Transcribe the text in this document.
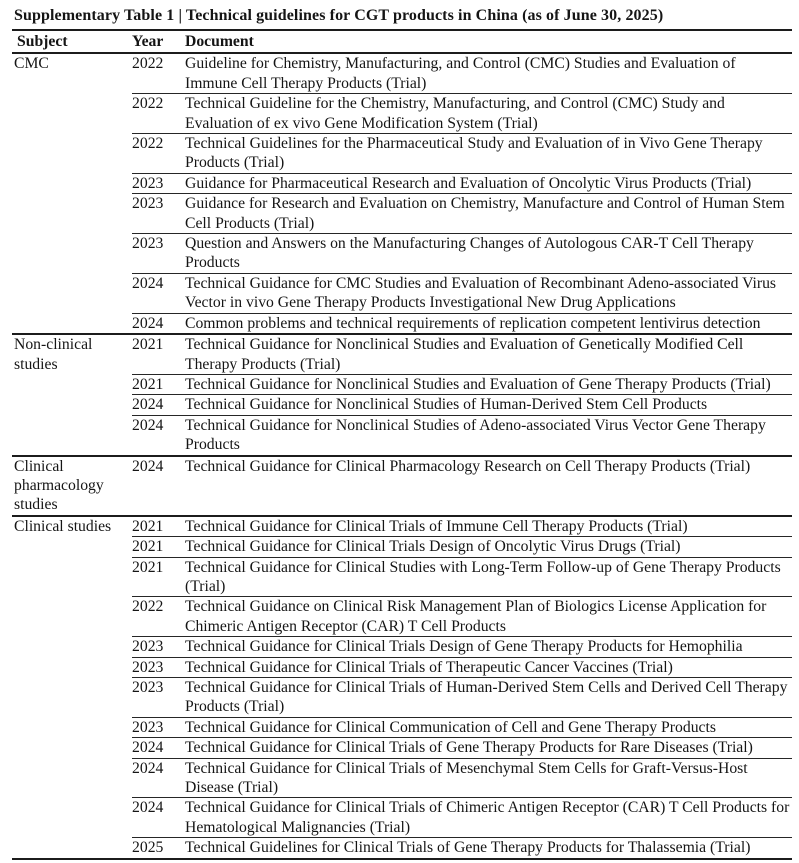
Supplementary Table 1 | Technical guidelines for CGT products in China (as of June 30, 2025)
Subject	Year	Document
CMC	2022	Guideline for Chemistry, Manufacturing, and Control (CMC) Studies and Evaluation of Immune Cell Therapy Products (Trial)
	2022	Technical Guideline for the Chemistry, Manufacturing, and Control (CMC) Study and Evaluation of ex vivo Gene Modification System (Trial)
	2022	Technical Guidelines for the Pharmaceutical Study and Evaluation of in Vivo Gene Therapy Products (Trial)
	2023	Guidance for Pharmaceutical Research and Evaluation of Oncolytic Virus Products (Trial)
	2023	Guidance for Research and Evaluation on Chemistry, Manufacture and Control of Human Stem Cell Products (Trial)
	2023	Question and Answers on the Manufacturing Changes of Autologous CAR-T Cell Therapy Products
	2024	Technical Guidance for CMC Studies and Evaluation of Recombinant Adeno-associated Virus Vector in vivo Gene Therapy Products Investigational New Drug Applications
	2024	Common problems and technical requirements of replication competent lentivirus detection
Non-clinical studies	2021	Technical Guidance for Nonclinical Studies and Evaluation of Genetically Modified Cell Therapy Products (Trial)
	2021	Technical Guidance for Nonclinical Studies and Evaluation of Gene Therapy Products (Trial)
	2024	Technical Guidance for Nonclinical Studies of Human-Derived Stem Cell Products
	2024	Technical Guidance for Nonclinical Studies of Adeno-associated Virus Vector Gene Therapy Products
Clinical pharmacology studies	2024	Technical Guidance for Clinical Pharmacology Research on Cell Therapy Products (Trial)
Clinical studies	2021	Technical Guidance for Clinical Trials of Immune Cell Therapy Products (Trial)
	2021	Technical Guidance for Clinical Trials Design of Oncolytic Virus Drugs (Trial)
	2021	Technical Guidance for Clinical Studies with Long-Term Follow-up of Gene Therapy Products (Trial)
	2022	Technical Guidance on Clinical Risk Management Plan of Biologics License Application for Chimeric Antigen Receptor (CAR) T Cell Products
	2023	Technical Guidance for Clinical Trials Design of Gene Therapy Products for Hemophilia
	2023	Technical Guidance for Clinical Trials of Therapeutic Cancer Vaccines (Trial)
	2023	Technical Guidance for Clinical Trials of Human-Derived Stem Cells and Derived Cell Therapy Products (Trial)
	2023	Technical Guidance for Clinical Communication of Cell and Gene Therapy Products
	2024	Technical Guidance for Clinical Trials of Gene Therapy Products for Rare Diseases (Trial)
	2024	Technical Guidance for Clinical Trials of Mesenchymal Stem Cells for Graft-Versus-Host Disease (Trial)
	2024	Technical Guidance for Clinical Trials of Chimeric Antigen Receptor (CAR) T Cell Products for Hematological Malignancies (Trial)
	2025	Technical Guidelines for Clinical Trials of Gene Therapy Products for Thalassemia (Trial)
